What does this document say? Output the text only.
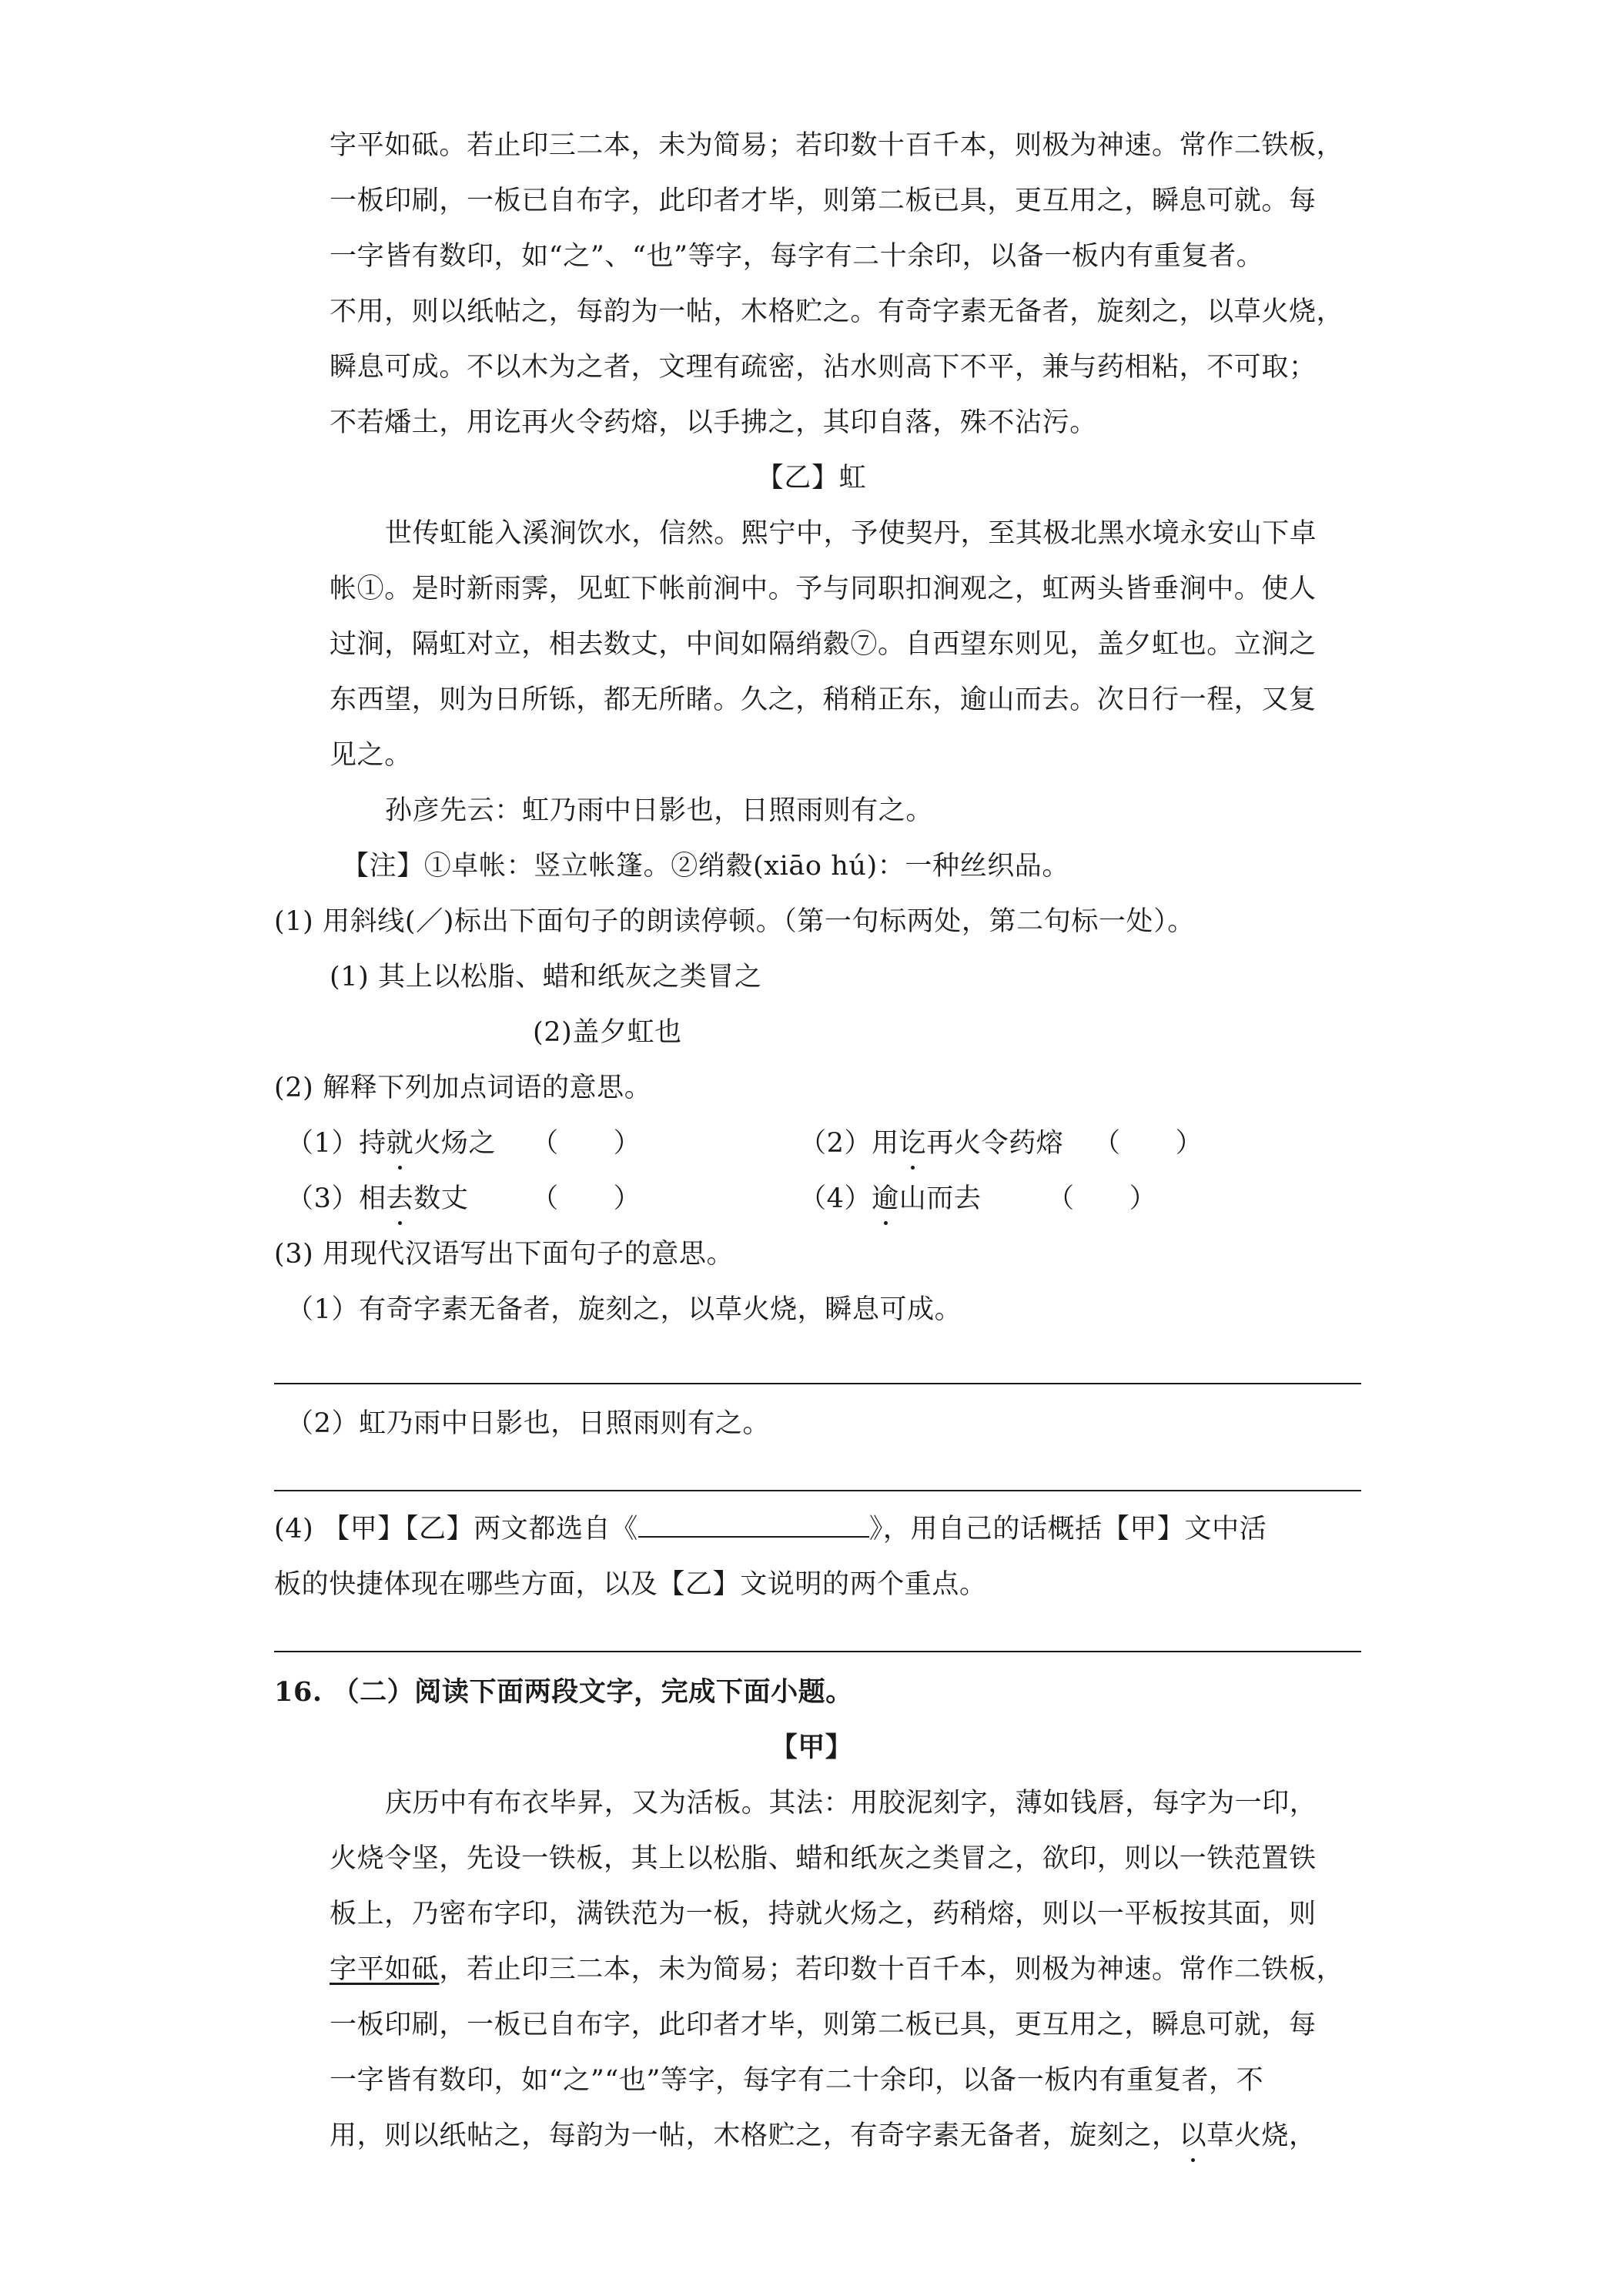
字平如砥。若止印三二本，未为简易；若印数十百千本，则极为神速。常作二铁板，
一板印刷，一板已自布字，此印者才毕，则第二板已具，更互用之，瞬息可就。每
一字皆有数印，如“之”、“也”等字，每字有二十余印，以备一板内有重复者。
不用，则以纸帖之，每韵为一帖，木格贮之。有奇字素无备者，旋刻之，以草火烧，
瞬息可成。不以木为之者，文理有疏密，沾水则高下不平，兼与药相粘，不可取；
不若燔土，用讫再火令药熔，以手拂之，其印自落，殊不沾污。
【乙】虹
世传虹能入溪涧饮水，信然。熙宁中，予使契丹，至其极北黑水境永安山下卓
帐①。是时新雨霁，见虹下帐前涧中。予与同职扣涧观之，虹两头皆垂涧中。使人
过涧，隔虹对立，相去数丈，中间如隔绡縠⑦。自西望东则见，盖夕虹也。立涧之
东西望，则为日所铄，都无所睹。久之，稍稍正东，逾山而去。次日行一程，又复
见之。
孙彦先云：虹乃雨中日影也，日照雨则有之。
【注】①卓帐：竖立帐篷。②绡縠(xiāo hú)：一种丝织品。
(1) 用斜线(／)标出下面句子的朗读停顿。（第一句标两处，第二句标一处）。
(1) 其上以松脂、蜡和纸灰之类冒之
(2)盖夕虹也
(2) 解释下列加点词语的意思。
（1）持就火炀之 （　　）	（2）用讫再火令药熔 （　　）
（3）相去数丈 （　　）	（4）逾山而去 （　　）
(3) 用现代汉语写出下面句子的意思。
（1）有奇字素无备者，旋刻之，以草火烧，瞬息可成。
（2）虹乃雨中日影也，日照雨则有之。
(4) 【甲】【乙】两文都选自《	》，用自己的话概括【甲】文中活
板的快捷体现在哪些方面，以及【乙】文说明的两个重点。
16. （二）阅读下面两段文字，完成下面小题。
【甲】
庆历中有布衣毕昇，又为活板。其法：用胶泥刻字，薄如钱唇，每字为一印，
火烧令坚，先设一铁板，其上以松脂、蜡和纸灰之类冒之，欲印，则以一铁范置铁
板上，乃密布字印，满铁范为一板，持就火炀之，药稍熔，则以一平板按其面，则
字平如砥，若止印三二本，未为简易；若印数十百千本，则极为神速。常作二铁板，
一板印刷，一板已自布字，此印者才毕，则第二板已具，更互用之，瞬息可就，每
一字皆有数印，如“之”“也”等字，每字有二十余印，以备一板内有重复者，不
用，则以纸帖之，每韵为一帖，木格贮之，有奇字素无备者，旋刻之，以草火烧，
